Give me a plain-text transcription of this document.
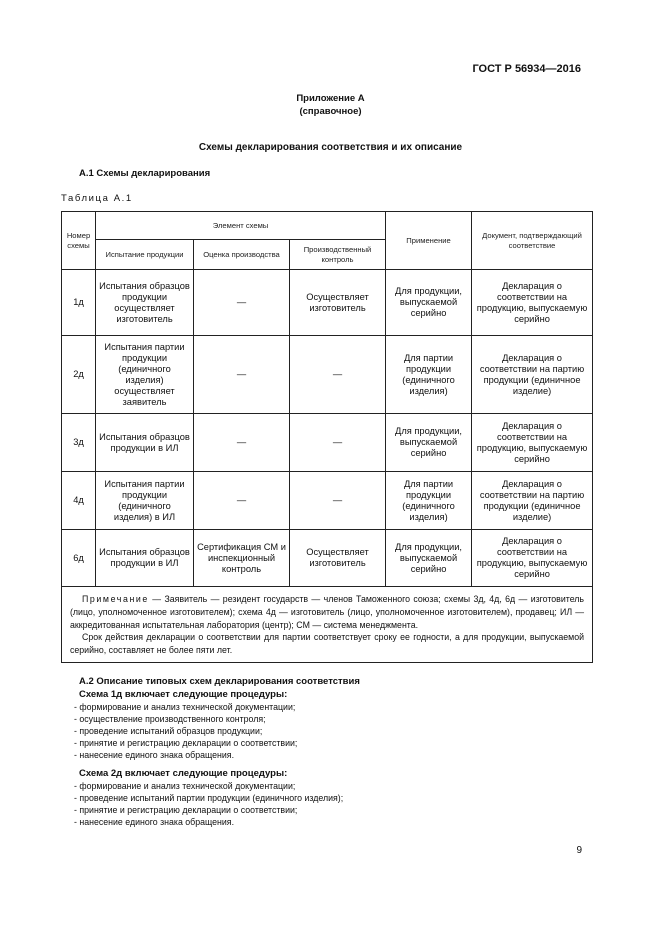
ГОСТ Р 56934—2016
Приложение А
(справочное)
Схемы декларирования соответствия и их описание
А.1 Схемы декларирования
Таблица А.1
Номер схемы	Элемент схемы			Применение	Документ, подтверждающий соответствие
	Испытание продукции	Оценка производства	Производственный контроль		
1д	Испытания образцов продукции осуществляет изготовитель	—	Осуществляет изготовитель	Для продукции, выпускаемой серийно	Декларация о соответствии на продукцию, выпускаемую серийно
2д	Испытания партии продукции (единичного изделия) осуществляет заявитель	—	—	Для партии продукции (единичного изделия)	Декларация о соответствии на партию продукции (единичное изделие)
3д	Испытания образцов продукции в ИЛ	—	—	Для продукции, выпускаемой серийно	Декларация о соответствии на продукцию, выпускаемую серийно
4д	Испытания партии продукции (единичного изделия) в ИЛ	—	—	Для партии продукции (единичного изделия)	Декларация о соответствии на партию продукции (единичное изделие)
6д	Испытания образцов продукции в ИЛ	Сертификация СМ и инспекционный контроль	Осуществляет изготовитель	Для продукции, выпускаемой серийно	Декларация о соответствии на продукцию, выпускаемую серийно

Примечание — Заявитель — резидент государств — членов Таможенного союза; схемы 3д, 4д, 6д — изготовитель (лицо, уполномоченное изготовителем); схема 4д — изготовитель (лицо, уполномоченное изготовителем), продавец; ИЛ — аккредитованная испытательная лаборатория (центр); СМ — система менеджмента.
Срок действия декларации о соответствии для партии соответствует сроку ее годности, а для продукции, выпускаемой серийно, составляет не более пяти лет.					
А.2 Описание типовых схем декларирования соответствия
Схема 1д включает следующие процедуры:
- формирование и анализ технической документации;
- осуществление производственного контроля;
- проведение испытаний образцов продукции;
- принятие и регистрацию декларации о соответствии;
- нанесение единого знака обращения.
Схема 2д включает следующие процедуры:
- формирование и анализ технической документации;
- проведение испытаний партии продукции (единичного изделия);
- принятие и регистрацию декларации о соответствии;
- нанесение единого знака обращения.
9
